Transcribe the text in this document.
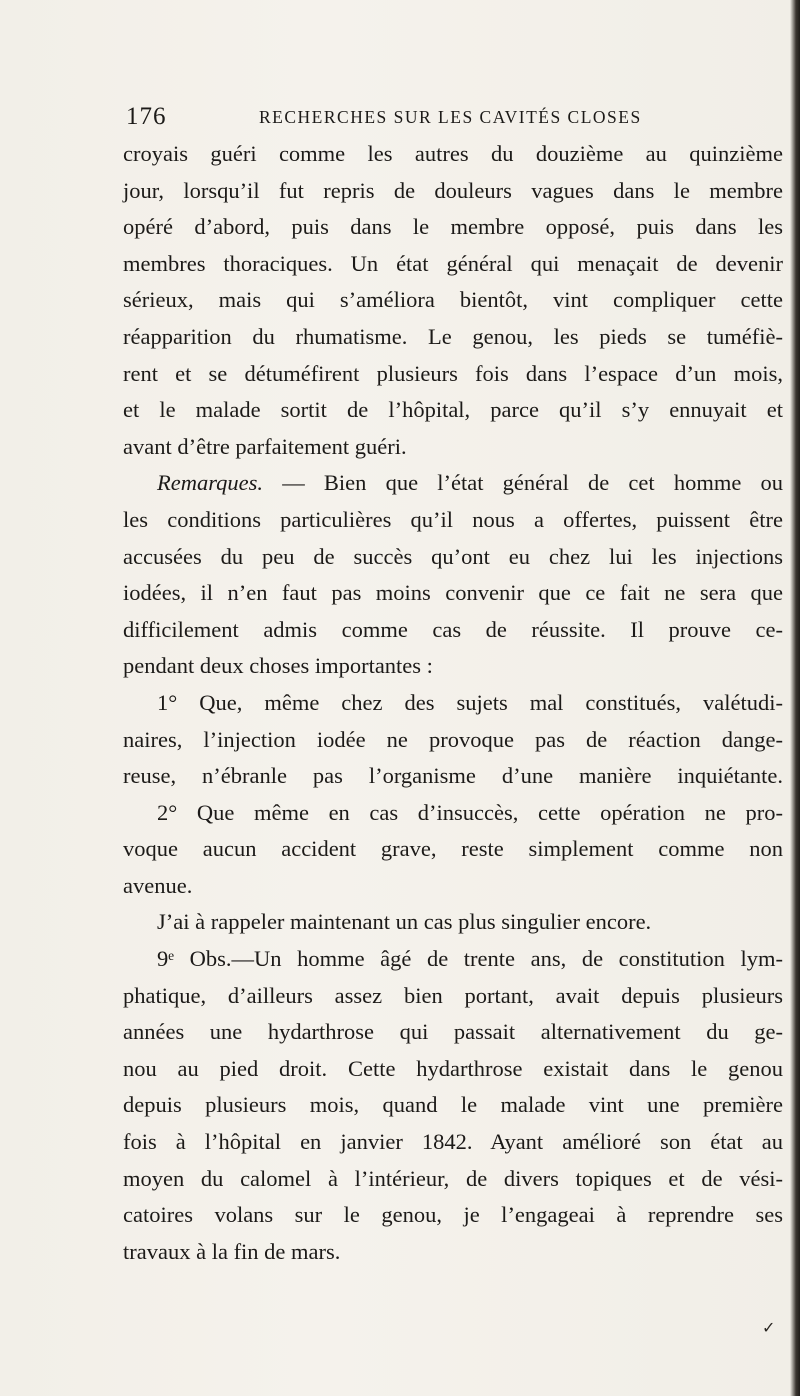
176	RECHERCHES SUR LES CAVITÉS CLOSES
croyais guéri comme les autres du douzième au quinzième
jour, lorsqu’il fut repris de douleurs vagues dans le membre
opéré d’abord, puis dans le membre opposé, puis dans les
membres thoraciques. Un état général qui menaçait de devenir
sérieux, mais qui s’améliora bientôt, vint compliquer cette
réapparition du rhumatisme. Le genou, les pieds se tuméfiè-
rent et se détuméfirent plusieurs fois dans l’espace d’un mois,
et le malade sortit de l’hôpital, parce qu’il s’y ennuyait et
avant d’être parfaitement guéri.
Remarques. — Bien que l’état général de cet homme ou
les conditions particulières qu’il nous a offertes, puissent être
accusées du peu de succès qu’ont eu chez lui les injections
iodées, il n’en faut pas moins convenir que ce fait ne sera que
difficilement admis comme cas de réussite. Il prouve ce-
pendant deux choses importantes :
1° Que, même chez des sujets mal constitués, valétudi-
naires, l’injection iodée ne provoque pas de réaction dange-
reuse, n’ébranle pas l’organisme d’une manière inquiétante.
2° Que même en cas d’insuccès, cette opération ne pro-
voque aucun accident grave, reste simplement comme non
avenue.
J’ai à rappeler maintenant un cas plus singulier encore.
9ᵉ Obs.—Un homme âgé de trente ans, de constitution lym-
phatique, d’ailleurs assez bien portant, avait depuis plusieurs
années une hydarthrose qui passait alternativement du ge-
nou au pied droit. Cette hydarthrose existait dans le genou
depuis plusieurs mois, quand le malade vint une première
fois à l’hôpital en janvier 1842. Ayant amélioré son état au
moyen du calomel à l’intérieur, de divers topiques et de vési-
catoires volans sur le genou, je l’engageai à reprendre ses
travaux à la fin de mars.
✓
